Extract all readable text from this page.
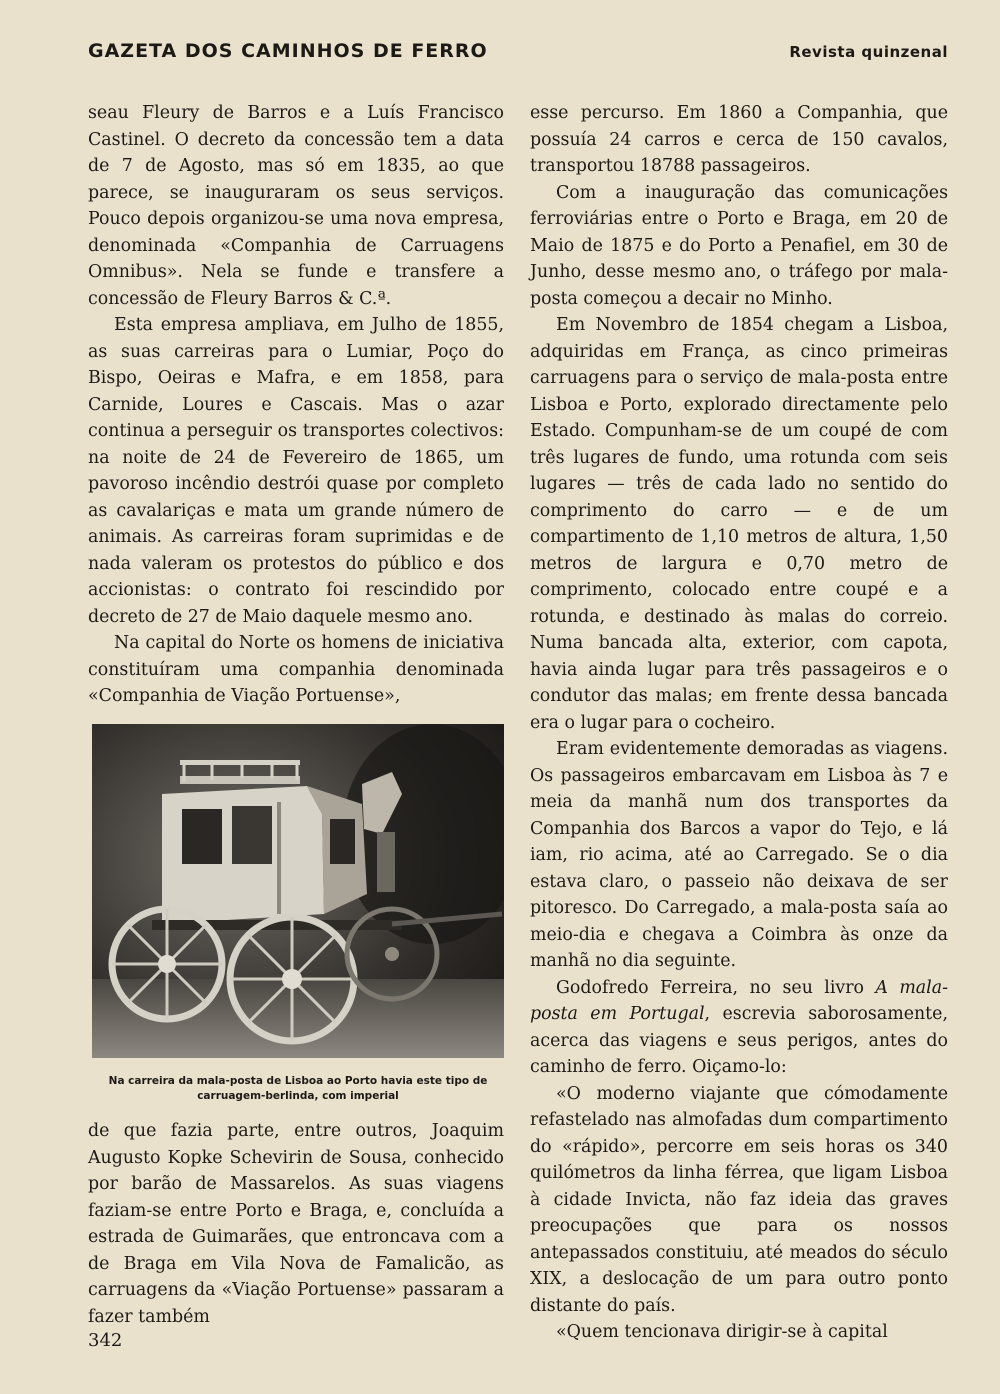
GAZETA DOS CAMINHOS DE FERRO	Revista quinzenal

seau Fleury de Barros e a Luís Francisco Castinel. O decreto da concessão tem a data de 7 de Agosto, mas só em 1835, ao que parece, se inauguraram os seus serviços. Pouco depois organizou-se uma nova empresa, denominada «Companhia de Carruagens Omnibus». Nela se funde e transfere a concessão de Fleury Barros & C.ª.

Esta empresa ampliava, em Julho de 1855, as suas carreiras para o Lumiar, Poço do Bispo, Oeiras e Mafra, e em 1858, para Carnide, Loures e Cascais. Mas o azar continua a perseguir os transportes colectivos: na noite de 24 de Fevereiro de 1865, um pavoroso incêndio destrói quase por completo as cavalariças e mata um grande número de animais. As carreiras foram suprimidas e de nada valeram os protestos do público e dos accionistas: o contrato foi rescindido por decreto de 27 de Maio daquele mesmo ano.

Na capital do Norte os homens de iniciativa constituíram uma companhia denominada «Companhia de Viação Portuense»,

Na carreira da mala-posta de Lisboa ao Porto havia este tipo de
carruagem-berlinda, com imperial

de que fazia parte, entre outros, Joaquim Augusto Kopke Schevirin de Sousa, conhecido por barão de Massarelos. As suas viagens faziam-se entre Porto e Braga, e, concluída a estrada de Guimarães, que entroncava com a de Braga em Vila Nova de Famalicão, as carruagens da «Viação Portuense» passaram a fazer também

esse percurso. Em 1860 a Companhia, que possuía 24 carros e cerca de 150 cavalos, transportou 18788 passageiros.

Com a inauguração das comunicações ferroviárias entre o Porto e Braga, em 20 de Maio de 1875 e do Porto a Penafiel, em 30 de Junho, desse mesmo ano, o tráfego por mala-posta começou a decair no Minho.

Em Novembro de 1854 chegam a Lisboa, adquiridas em França, as cinco primeiras carruagens para o serviço de mala-posta entre Lisboa e Porto, explorado directamente pelo Estado. Compunham-se de um coupé de com três lugares de fundo, uma rotunda com seis lugares — três de cada lado no sentido do comprimento do carro — e de um compartimento de 1,10 metros de altura, 1,50 metros de largura e 0,70 metro de comprimento, colocado entre coupé e a rotunda, e destinado às malas do correio. Numa bancada alta, exterior, com capota, havia ainda lugar para três passageiros e o condutor das malas; em frente dessa bancada era o lugar para o cocheiro.

Eram evidentemente demoradas as viagens. Os passageiros embarcavam em Lisboa às 7 e meia da manhã num dos transportes da Companhia dos Barcos a vapor do Tejo, e lá iam, rio acima, até ao Carregado. Se o dia estava claro, o passeio não deixava de ser pitoresco. Do Carregado, a mala-posta saía ao meio-dia e chegava a Coimbra às onze da manhã no dia seguinte.

Godofredo Ferreira, no seu livro A mala-posta em Portugal, escrevia saborosamente, acerca das viagens e seus perigos, antes do caminho de ferro. Oiçamo-lo:

«O moderno viajante que cómodamente refastelado nas almofadas dum compartimento do «rápido», percorre em seis horas os 340 quilómetros da linha férrea, que ligam Lisboa à cidade Invicta, não faz ideia das graves preocupações que para os nossos antepassados constituiu, até meados do século XIX, a deslocação de um para outro ponto distante do país.

«Quem tencionava dirigir-se à capital

342
